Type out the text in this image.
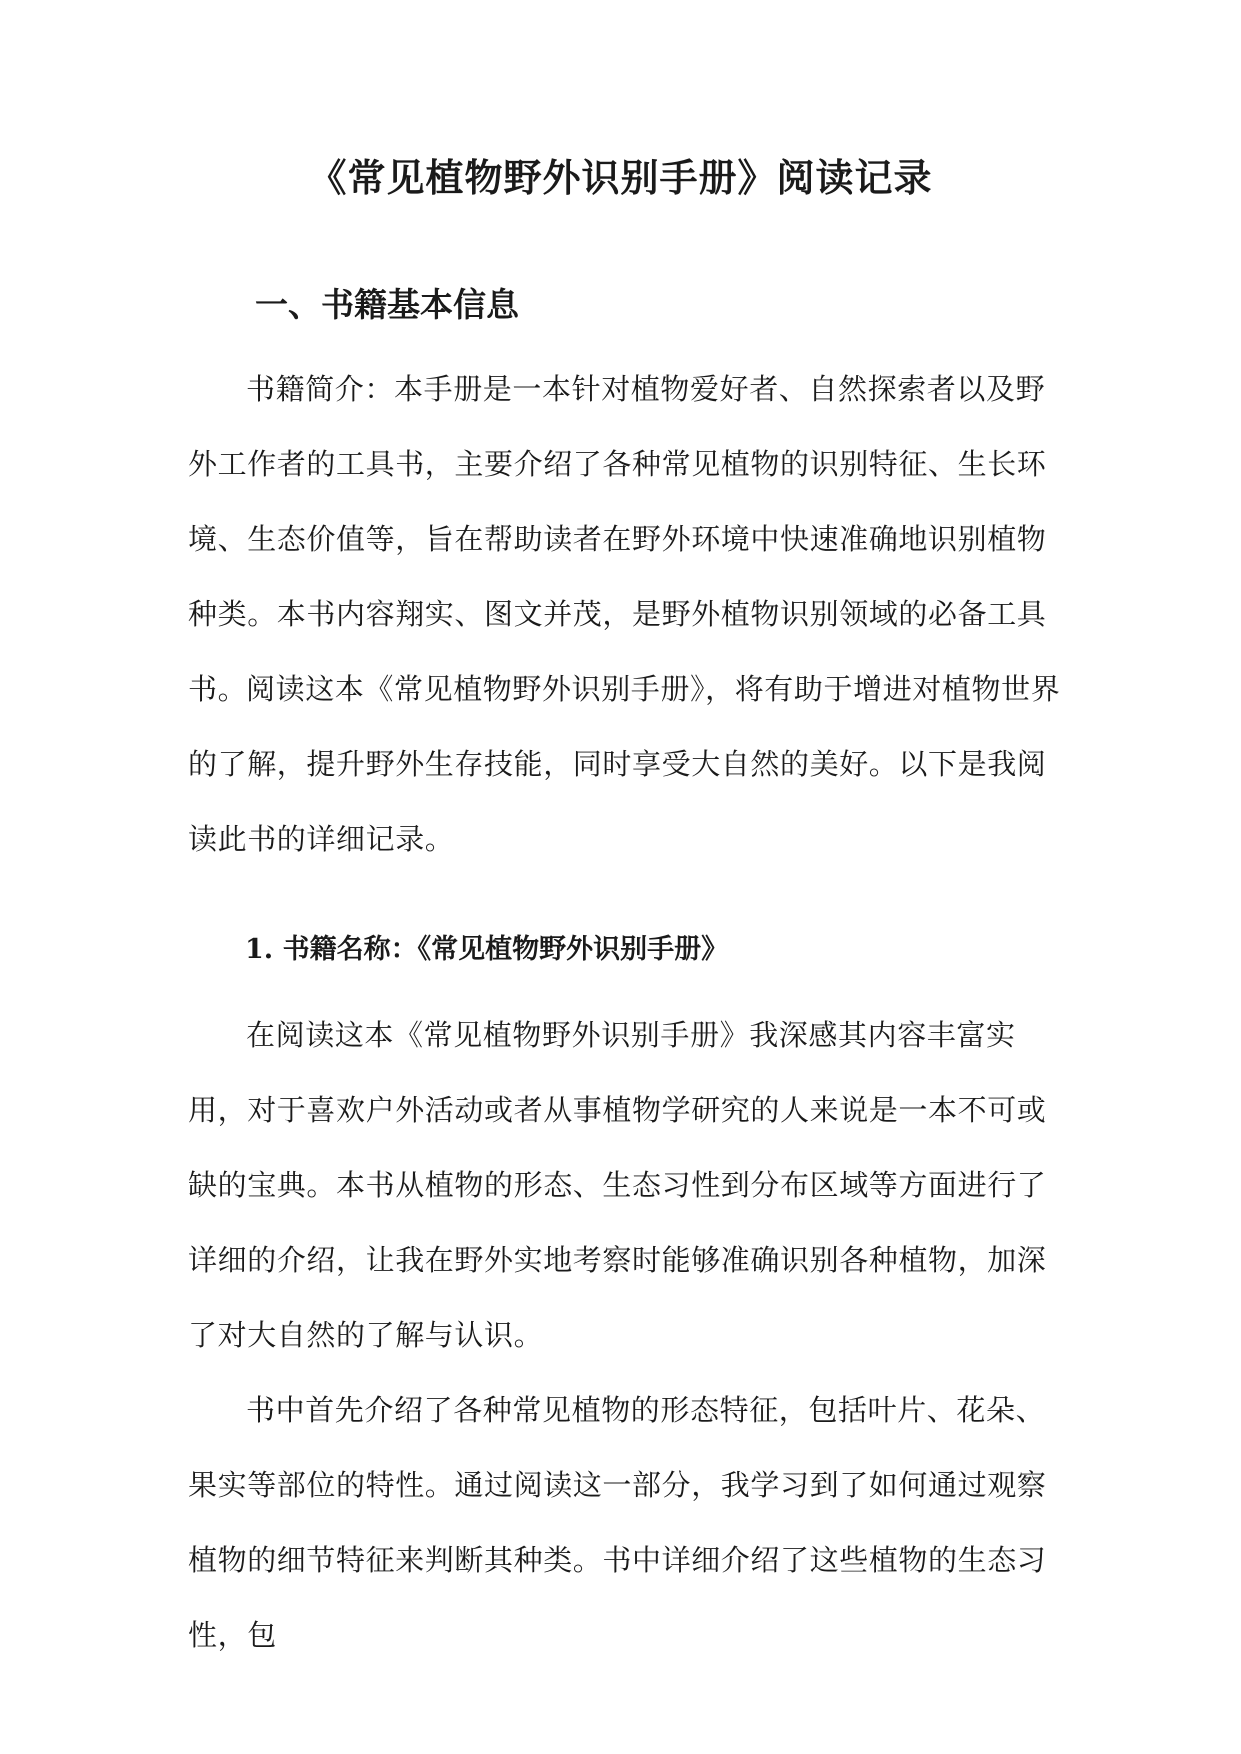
《常见植物野外识别手册》阅读记录
一、书籍基本信息

书籍简介：本手册是一本针对植物爱好者、自然探索者以及野外工作者的工具书，主要介绍了各种常见植物的识别特征、生长环境、生态价值等，旨在帮助读者在野外环境中快速准确地识别植物种类。本书内容翔实、图文并茂，是野外植物识别领域的必备工具书。

阅读这本《常见植物野外识别手册》，将有助于增进对植物世界的了解，提升野外生存技能，同时享受大自然的美好。以下是我阅读此书的详细记录。

1. 书籍名称：《常见植物野外识别手册》

在阅读这本《常见植物野外识别手册》我深感其内容丰富实用，对于喜欢户外活动或者从事植物学研究的人来说是一本不可或缺的宝典。本书从植物的形态、生态习性到分布区域等方面进行了详细的介绍，让我在野外实地考察时能够准确识别各种植物，加深了对大自然的了解与认识。

书中首先介绍了各种常见植物的形态特征，包括叶片、花朵、果实等部位的特性。通过阅读这一部分，我学习到了如何通过观察植物的细节特征来判断其种类。书中详细介绍了这些植物的生态习性，包
